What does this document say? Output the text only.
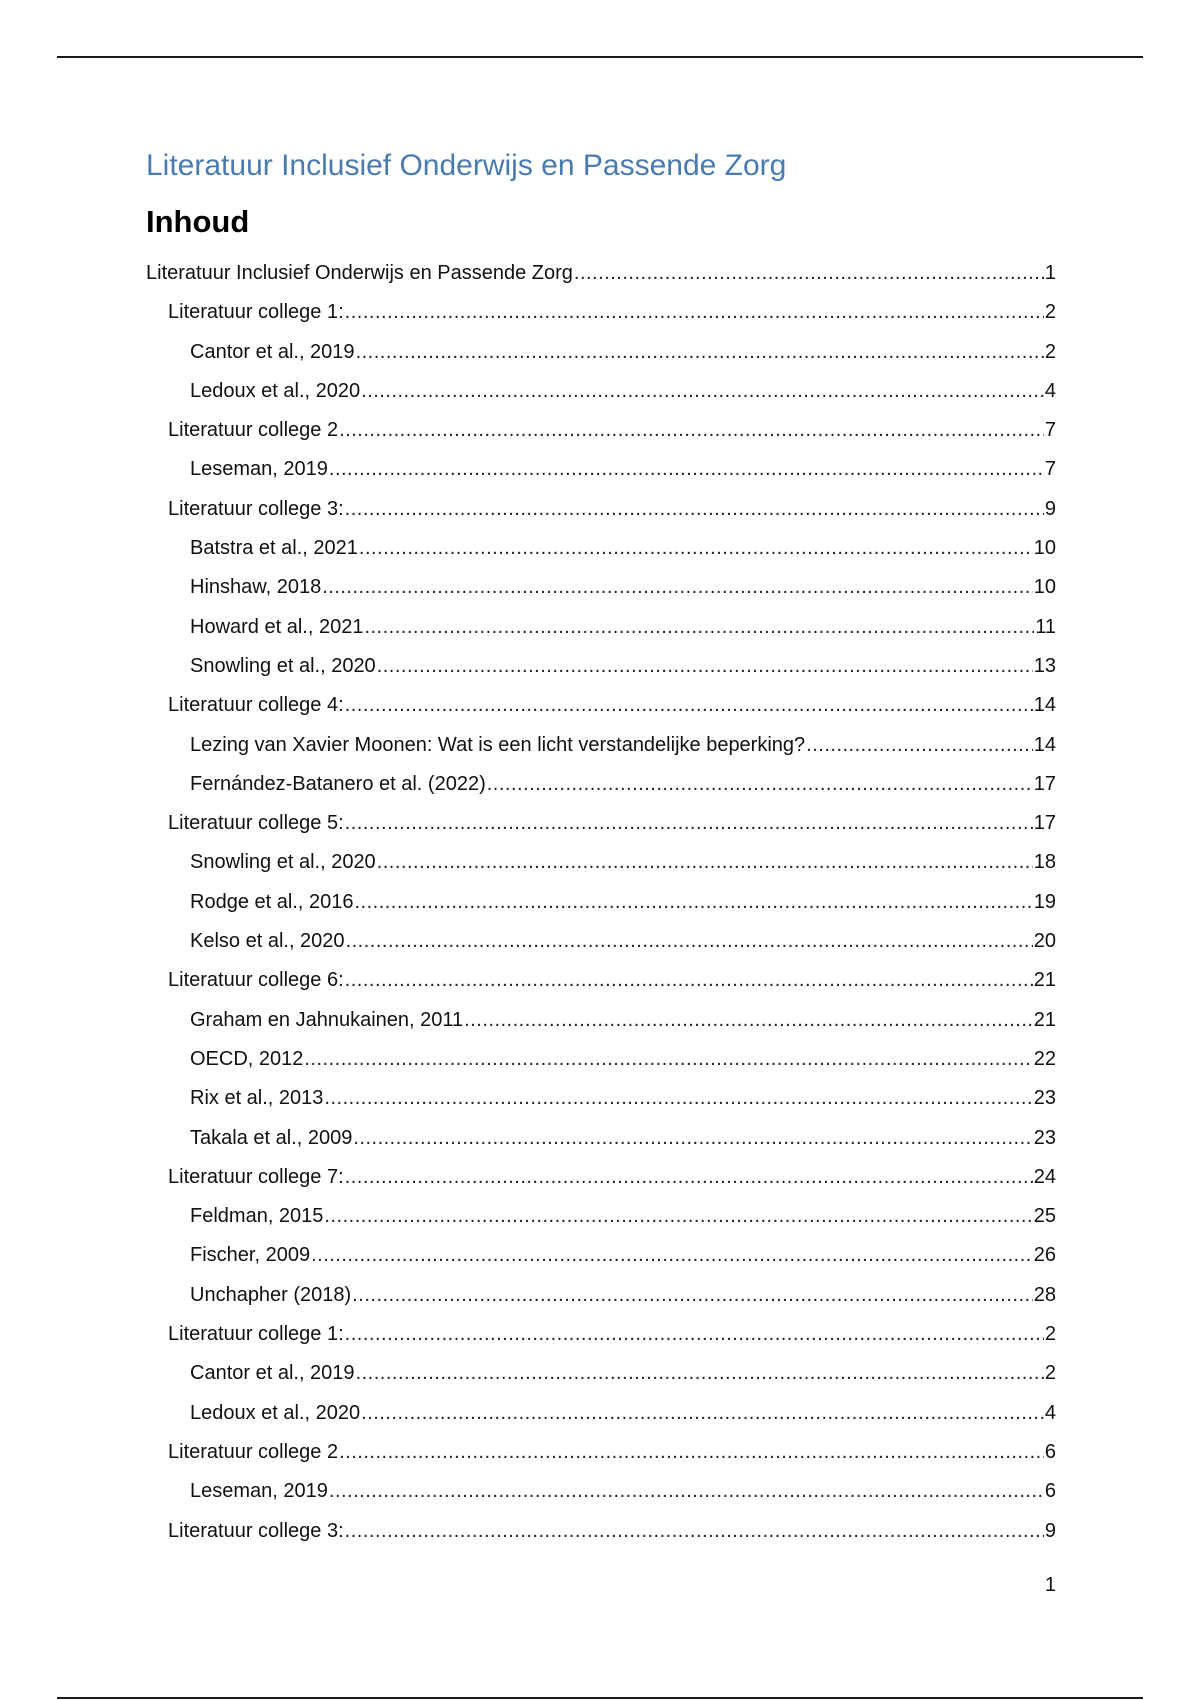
Literatuur Inclusief Onderwijs en Passende Zorg
Inhoud
Literatuur Inclusief Onderwijs en Passende Zorg .....	1
Literatuur college 1: .....	2
Cantor et al., 2019 .....	2
Ledoux et al., 2020 .....	4
Literatuur college 2 .....	7
Leseman, 2019 .....	7
Literatuur college 3: .....	9
Batstra et al., 2021 .....	10
Hinshaw, 2018 .....	10
Howard et al., 2021 .....	11
Snowling et al., 2020 .....	13
Literatuur college 4: .....	14
Lezing van Xavier Moonen: Wat is een licht verstandelijke beperking? .....	14
Fernández-Batanero et al. (2022) .....	17
Literatuur college 5: .....	17
Snowling et al., 2020 .....	18
Rodge et al., 2016 .....	19
Kelso et al., 2020 .....	20
Literatuur college 6: .....	21
Graham en Jahnukainen, 2011 .....	21
OECD, 2012 .....	22
Rix et al., 2013 .....	23
Takala et al., 2009 .....	23
Literatuur college 7: .....	24
Feldman, 2015 .....	25
Fischer, 2009 .....	26
Unchapher (2018) .....	28
Literatuur college 1: .....	2
Cantor et al., 2019 .....	2
Ledoux et al., 2020 .....	4
Literatuur college 2 .....	6
Leseman, 2019 .....	6
Literatuur college 3: .....	9
1
